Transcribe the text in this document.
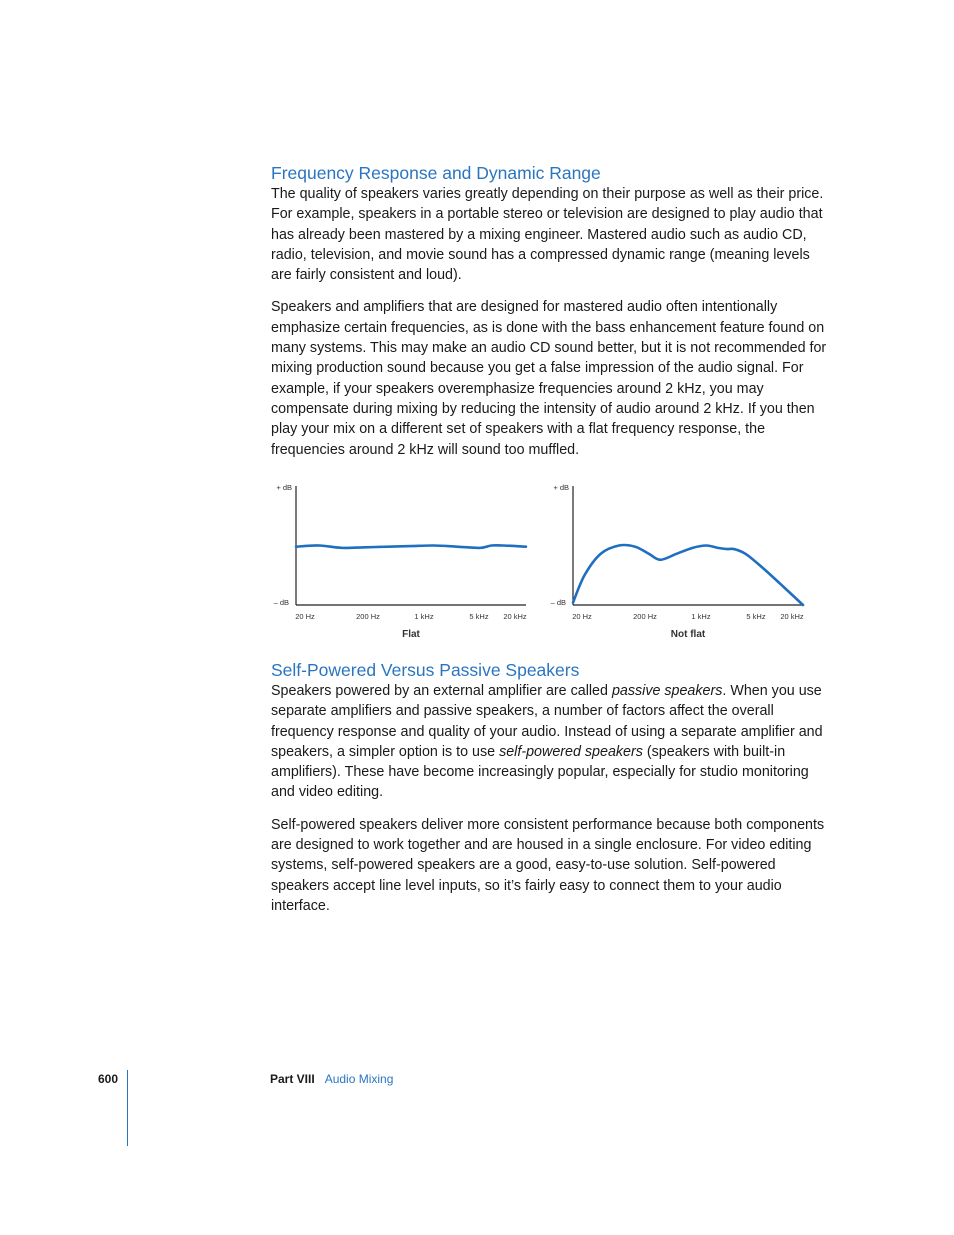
Frequency Response and Dynamic Range

The quality of speakers varies greatly depending on their purpose as well as their price. For example, speakers in a portable stereo or television are designed to play audio that has already been mastered by a mixing engineer. Mastered audio such as audio CD, radio, television, and movie sound has a compressed dynamic range (meaning levels are fairly consistent and loud).

Speakers and amplifiers that are designed for mastered audio often intentionally emphasize certain frequencies, as is done with the bass enhancement feature found on many systems. This may make an audio CD sound better, but it is not recommended for mixing production sound because you get a false impression of the audio signal. For example, if your speakers overemphasize frequencies around 2 kHz, you may compensate during mixing by reducing the intensity of audio around 2 kHz. If you then play your mix on a different set of speakers with a flat frequency response, the frequencies around 2 kHz will sound too muffled.

+ dB
– dB
20 Hz	200 Hz	1 kHz	5 kHz 20 kHz
Flat
+ dB
– dB
20 Hz	200 Hz	1 kHz	5 kHz 20 kHz
Not flat
Self-Powered Versus Passive Speakers

Speakers powered by an external amplifier are called passive speakers. When you use separate amplifiers and passive speakers, a number of factors affect the overall frequency response and quality of your audio. Instead of using a separate amplifier and speakers, a simpler option is to use self-powered speakers (speakers with built-in amplifiers). These have become increasingly popular, especially for studio monitoring and video editing.

Self-powered speakers deliver more consistent performance because both components are designed to work together and are housed in a single enclosure. For video editing systems, self-powered speakers are a good, easy-to-use solution. Self-powered speakers accept line level inputs, so it’s fairly easy to connect them to your audio interface.

600	Part VIII Audio Mixing
